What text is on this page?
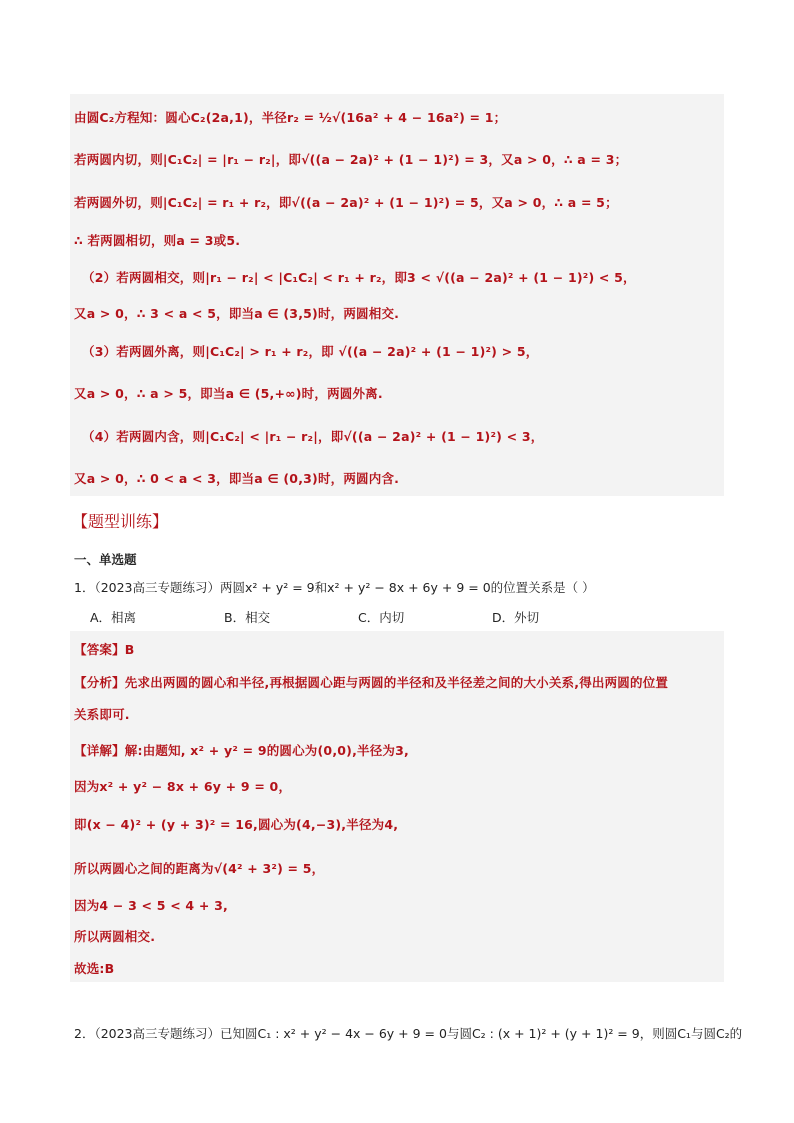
由圆C₂方程知：圆心C₂(2a,1)，半径r₂ = ½√(16a² + 4 − 16a²) = 1；
若两圆内切，则|C₁C₂| = |r₁ − r₂|，即√((a − 2a)² + (1 − 1)²) = 3，又a > 0，∴ a = 3；
若两圆外切，则|C₁C₂| = r₁ + r₂，即√((a − 2a)² + (1 − 1)²) = 5，又a > 0，∴ a = 5；
∴ 若两圆相切，则a = 3或5.
（2）若两圆相交，则|r₁ − r₂| < |C₁C₂| < r₁ + r₂，即3 < √((a − 2a)² + (1 − 1)²) < 5，
又a > 0，∴ 3 < a < 5，即当a ∈ (3,5)时，两圆相交.
（3）若两圆外离，则|C₁C₂| > r₁ + r₂，即 √((a − 2a)² + (1 − 1)²) > 5，
又a > 0，∴ a > 5，即当a ∈ (5,+∞)时，两圆外离.
（4）若两圆内含，则|C₁C₂| < |r₁ − r₂|，即√((a − 2a)² + (1 − 1)²) < 3，
又a > 0，∴ 0 < a < 3，即当a ∈ (0,3)时，两圆内含.
【题型训练】
一、单选题
1．（2023高三专题练习）两圆x² + y² = 9和x² + y² − 8x + 6y + 9 = 0的位置关系是（ ）
A．相离	B．相交	C．内切	D．外切
【答案】B
【分析】先求出两圆的圆心和半径,再根据圆心距与两圆的半径和及半径差之间的大小关系,得出两圆的位置
关系即可.
【详解】解:由题知, x² + y² = 9的圆心为(0,0),半径为3,
因为x² + y² − 8x + 6y + 9 = 0，
即(x − 4)² + (y + 3)² = 16,圆心为(4,−3),半径为4,
所以两圆心之间的距离为√(4² + 3²) = 5，
因为4 − 3 < 5 < 4 + 3,
所以两圆相交.
故选:B
2．（2023高三专题练习）已知圆C₁ : x² + y² − 4x − 6y + 9 = 0与圆C₂ : (x + 1)² + (y + 1)² = 9，则圆C₁与圆C₂的
